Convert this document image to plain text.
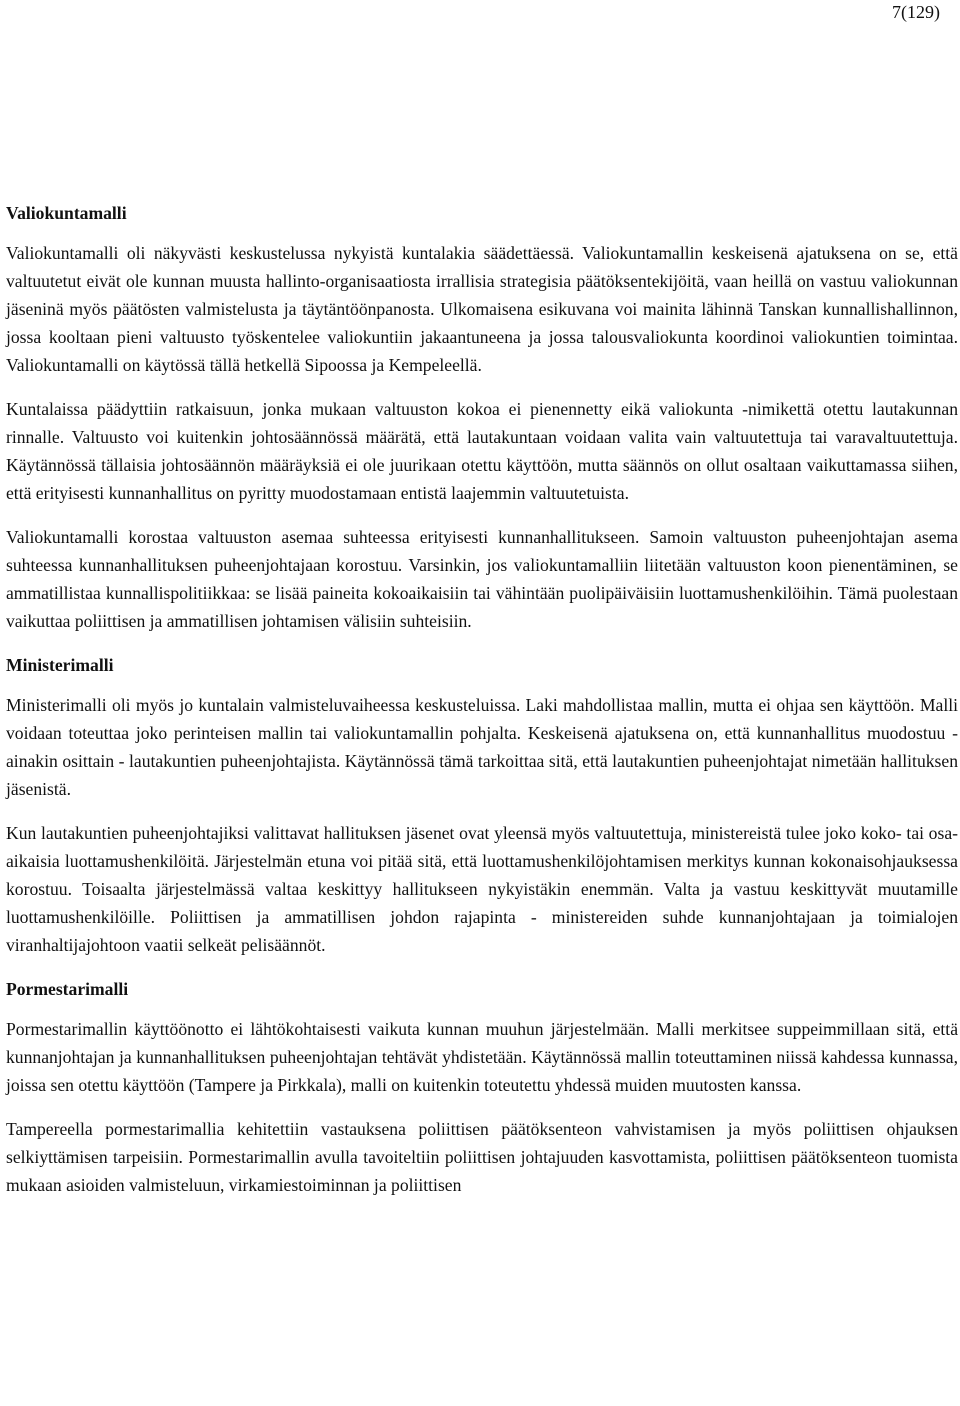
7(129)
Valiokuntamalli

Valiokuntamalli oli näkyvästi keskustelussa nykyistä kuntalakia säädettäessä. Valiokuntamallin keskeisenä ajatuksena on se, että valtuutetut eivät ole kunnan muusta hallinto-organisaatiosta irrallisia strategisia päätöksentekijöitä, vaan heillä on vastuu valiokunnan jäseninä myös päätösten valmistelusta ja täytäntöönpanosta. Ulkomaisena esikuvana voi mainita lähinnä Tanskan kunnallishallinnon, jossa kooltaan pieni valtuusto työskentelee valiokuntiin jakaantuneena ja jossa talousvaliokunta koordinoi valiokuntien toimintaa. Valiokuntamalli on käytössä tällä hetkellä Sipoossa ja Kempeleellä.

Kuntalaissa päädyttiin ratkaisuun, jonka mukaan valtuuston kokoa ei pienennetty eikä valiokunta -nimikettä otettu lautakunnan rinnalle. Valtuusto voi kuitenkin johtosäännössä määrätä, että lautakuntaan voidaan valita vain valtuutettuja tai varavaltuutettuja. Käytännössä tällaisia johtosäännön määräyksiä ei ole juurikaan otettu käyttöön, mutta säännös on ollut osaltaan vaikuttamassa siihen, että erityisesti kunnanhallitus on pyritty muodostamaan entistä laajemmin valtuutetuista.

Valiokuntamalli korostaa valtuuston asemaa suhteessa erityisesti kunnanhallitukseen. Samoin valtuuston puheenjohtajan asema suhteessa kunnanhallituksen puheenjohtajaan korostuu. Varsinkin, jos valiokuntamalliin liitetään valtuuston koon pienentäminen, se ammatillistaa kunnallispolitiikkaa: se lisää paineita kokoaikaisiin tai vähintään puolipäiväisiin luottamushenkilöihin. Tämä puolestaan vaikuttaa poliittisen ja ammatillisen johtamisen välisiin suhteisiin.

Ministerimalli

Ministerimalli oli myös jo kuntalain valmisteluvaiheessa keskusteluissa. Laki mahdollistaa mallin, mutta ei ohjaa sen käyttöön. Malli voidaan toteuttaa joko perinteisen mallin tai valiokuntamallin pohjalta. Keskeisenä ajatuksena on, että kunnanhallitus muodostuu - ainakin osittain - lautakuntien puheenjohtajista. Käytännössä tämä tarkoittaa sitä, että lautakuntien puheenjohtajat nimetään hallituksen jäsenistä.

Kun lautakuntien puheenjohtajiksi valittavat hallituksen jäsenet ovat yleensä myös valtuutettuja, ministereistä tulee joko koko- tai osa-aikaisia luottamushenkilöitä. Järjestelmän etuna voi pitää sitä, että luottamushenkilöjohtamisen merkitys kunnan kokonaisohjauksessa korostuu. Toisaalta järjestelmässä valtaa keskittyy hallitukseen nykyistäkin enemmän. Valta ja vastuu keskittyvät muutamille luottamushenkilöille. Poliittisen ja ammatillisen johdon rajapinta - ministereiden suhde kunnanjohtajaan ja toimialojen viranhaltijajohtoon vaatii selkeät pelisäännöt.

Pormestarimalli

Pormestarimallin käyttöönotto ei lähtökohtaisesti vaikuta kunnan muuhun järjestelmään. Malli merkitsee suppeimmillaan sitä, että kunnanjohtajan ja kunnanhallituksen puheenjohtajan tehtävät yhdistetään. Käytännössä mallin toteuttaminen niissä kahdessa kunnassa, joissa sen otettu käyttöön (Tampere ja Pirkkala), malli on kuitenkin toteutettu yhdessä muiden muutosten kanssa.

Tampereella pormestarimallia kehitettiin vastauksena poliittisen päätöksenteon vahvistamisen ja myös poliittisen ohjauksen selkiyttämisen tarpeisiin. Pormestarimallin avulla tavoiteltiin poliittisen johtajuuden kasvottamista, poliittisen päätöksenteon tuomista mukaan asioiden valmisteluun, virkamiestoiminnan ja poliittisen
